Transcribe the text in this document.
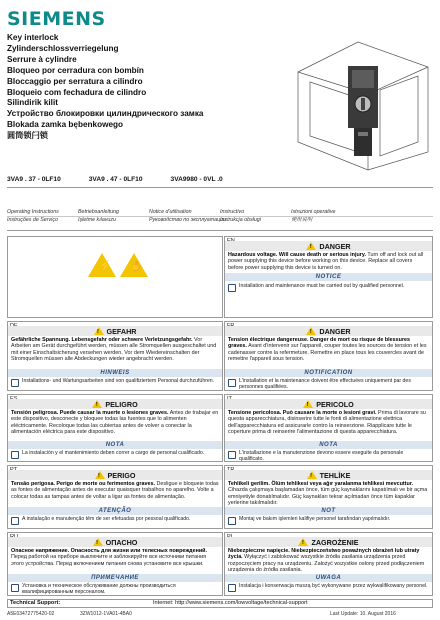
SIEMENS
Key interlock
Zylinderschlossverriegelung
Serrure à cylindre
Bloqueo por cerradura con bombín
Bloccaggio per serratura a cilindro
Bloqueio com fechadura de cilindro
Silindirik kilit
Устройство блокировки цилиндрического замка
Blokada zamka bębenkowego
圆筒锁闩锁
3VA9 . 37 - 0LF10	3VA9 . 47 - 0LF10	3VA9980 - 0VL .0
Operating Instructions	Betriebsanleitung	Notice d'utilisation	Instructivo	Istruzioni operative
Instruções de Serviço	İşletme kılavuzu	Руководство по эксплуатации
Instrukcja obsługi	使用说明
⚡ ✋
!
DANGER
Hazardous voltage. Will cause death or serious injury. Turn off and lock out all power supplying this device before working on this device. Replace all covers before power supplying this device is turned on.
NOTICE
Installation and maintenance must be carried out by qualified personnel.
!
GEFAHR
Gefährliche Spannung. Lebensgefahr oder schwere Verletzungsgefahr. Vor Arbeiten am Gerät durchgeführt werden, müssen alle Stromquellen ausgeschaltet und mit einer Einschaltsicherung versehen werden. Vor dem Wiedereinschalten der Stromquellen müssen alle Abdeckungen wieder angebracht werden.
HINWEIS
Installations- und Wartungsarbeiten sind von qualifiziertem Personal durchzuführen.
!
DANGER
Tension électrique dangereuse. Danger de mort ou risque de blessures graves. Avant d'intervenir sur l'appareil, couper toutes les sources de tension et les cadenasser contre la refermeture. Remettre en place tous les couvercles avant de remettre l'appareil sous tension.
NOTIFICATION
L'installation et la maintenance doivent être effectuées uniquement par des personnes qualifiées.
!
PELIGRO
Tensión peligrosa. Puede causar la muerte o lesiones graves. Antes de trabajar en este dispositivo, desconecte y bloquee todas las fuentes que lo alimenten eléctricamente. Recoloque todas las cubiertas antes de volver a conectar la alimentación eléctrica para este dispositivo.
NOTA
La instalación y el mantenimiento deben correr a cargo de personal cualificado.
!
PERICOLO
Tensione pericolosa. Può causare la morte o lesioni gravi. Prima di lavorare su questa apparecchiatura, disinserire tutte le fonti di alimentazione elettrica dell'apparecchiatura ed assicurarle contro la reinserzione. Riapplicare tutte le coperture prima di reinserire l'alimentazione di questa apparecchiatura.
NOTA
L'installazione e la manutenzione devono essere eseguite da personale qualificato.
!
PERIGO
Tensão perigosa. Perigo de morte ou ferimentos graves. Desligue e bloqueie todas as fontes de alimentação antes de executar quaisquer trabalhos no aparelho. Volte a colocar todas as tampas antes de voltar a ligar as fontes de alimentação.
ATENÇÃO
A instalação e manutenção têm de ser efetuadas por pessoal qualificado.
!
TEHLİKE
Tehlikeli gerilim. Ölüm tehlikesi veya ağır yaralanma tehlikesi mevcuttur. Cihazda çalışmaya başlamadan önce, tüm güç kaynaklarını kapatılmalı ve bir açma emniyetiyle donatılmalıdır. Güç kaynakları tekrar açılmadan önce tüm kapaklar yerlerine takılmalıdır.
NOT
Montaj ve bakım işlemleri kalifiye personel tarafından yapılmalıdır.
!
ОПАСНО
Опасное напряжение. Опасность для жизни или телесных повреждений. Перед работой на приборе выключите и заблокируйте все источники питания этого устройства. Перед включением питания снова установите все крышки.
ПРИМЕЧАНИЕ
Установка и техническое обслуживание должны производиться квалифицированным персоналом.
!
ZAGROŻENIE
Niebezpieczne napięcie. Niebezpieczeństwo poważnych obrażeń lub utraty życia. Wyłączyć i zablokować wszystkie źródła zasilania urządzenia przed rozpoczęciem pracy na urządzeniu. Założyć wszystkie osłony przed podłączeniem urządzenia do źródła zasilania.
UWAGA
Instalacja i konserwacja muszą być wykonywane przez wykwalifikowany personel.
Technical Support:	Internet: http://www.siemens.com/lowvoltage/technical-support
A5E03472775420-02	Last Update: 10. August 2016
3ZW1012-1VA01-4BA0
